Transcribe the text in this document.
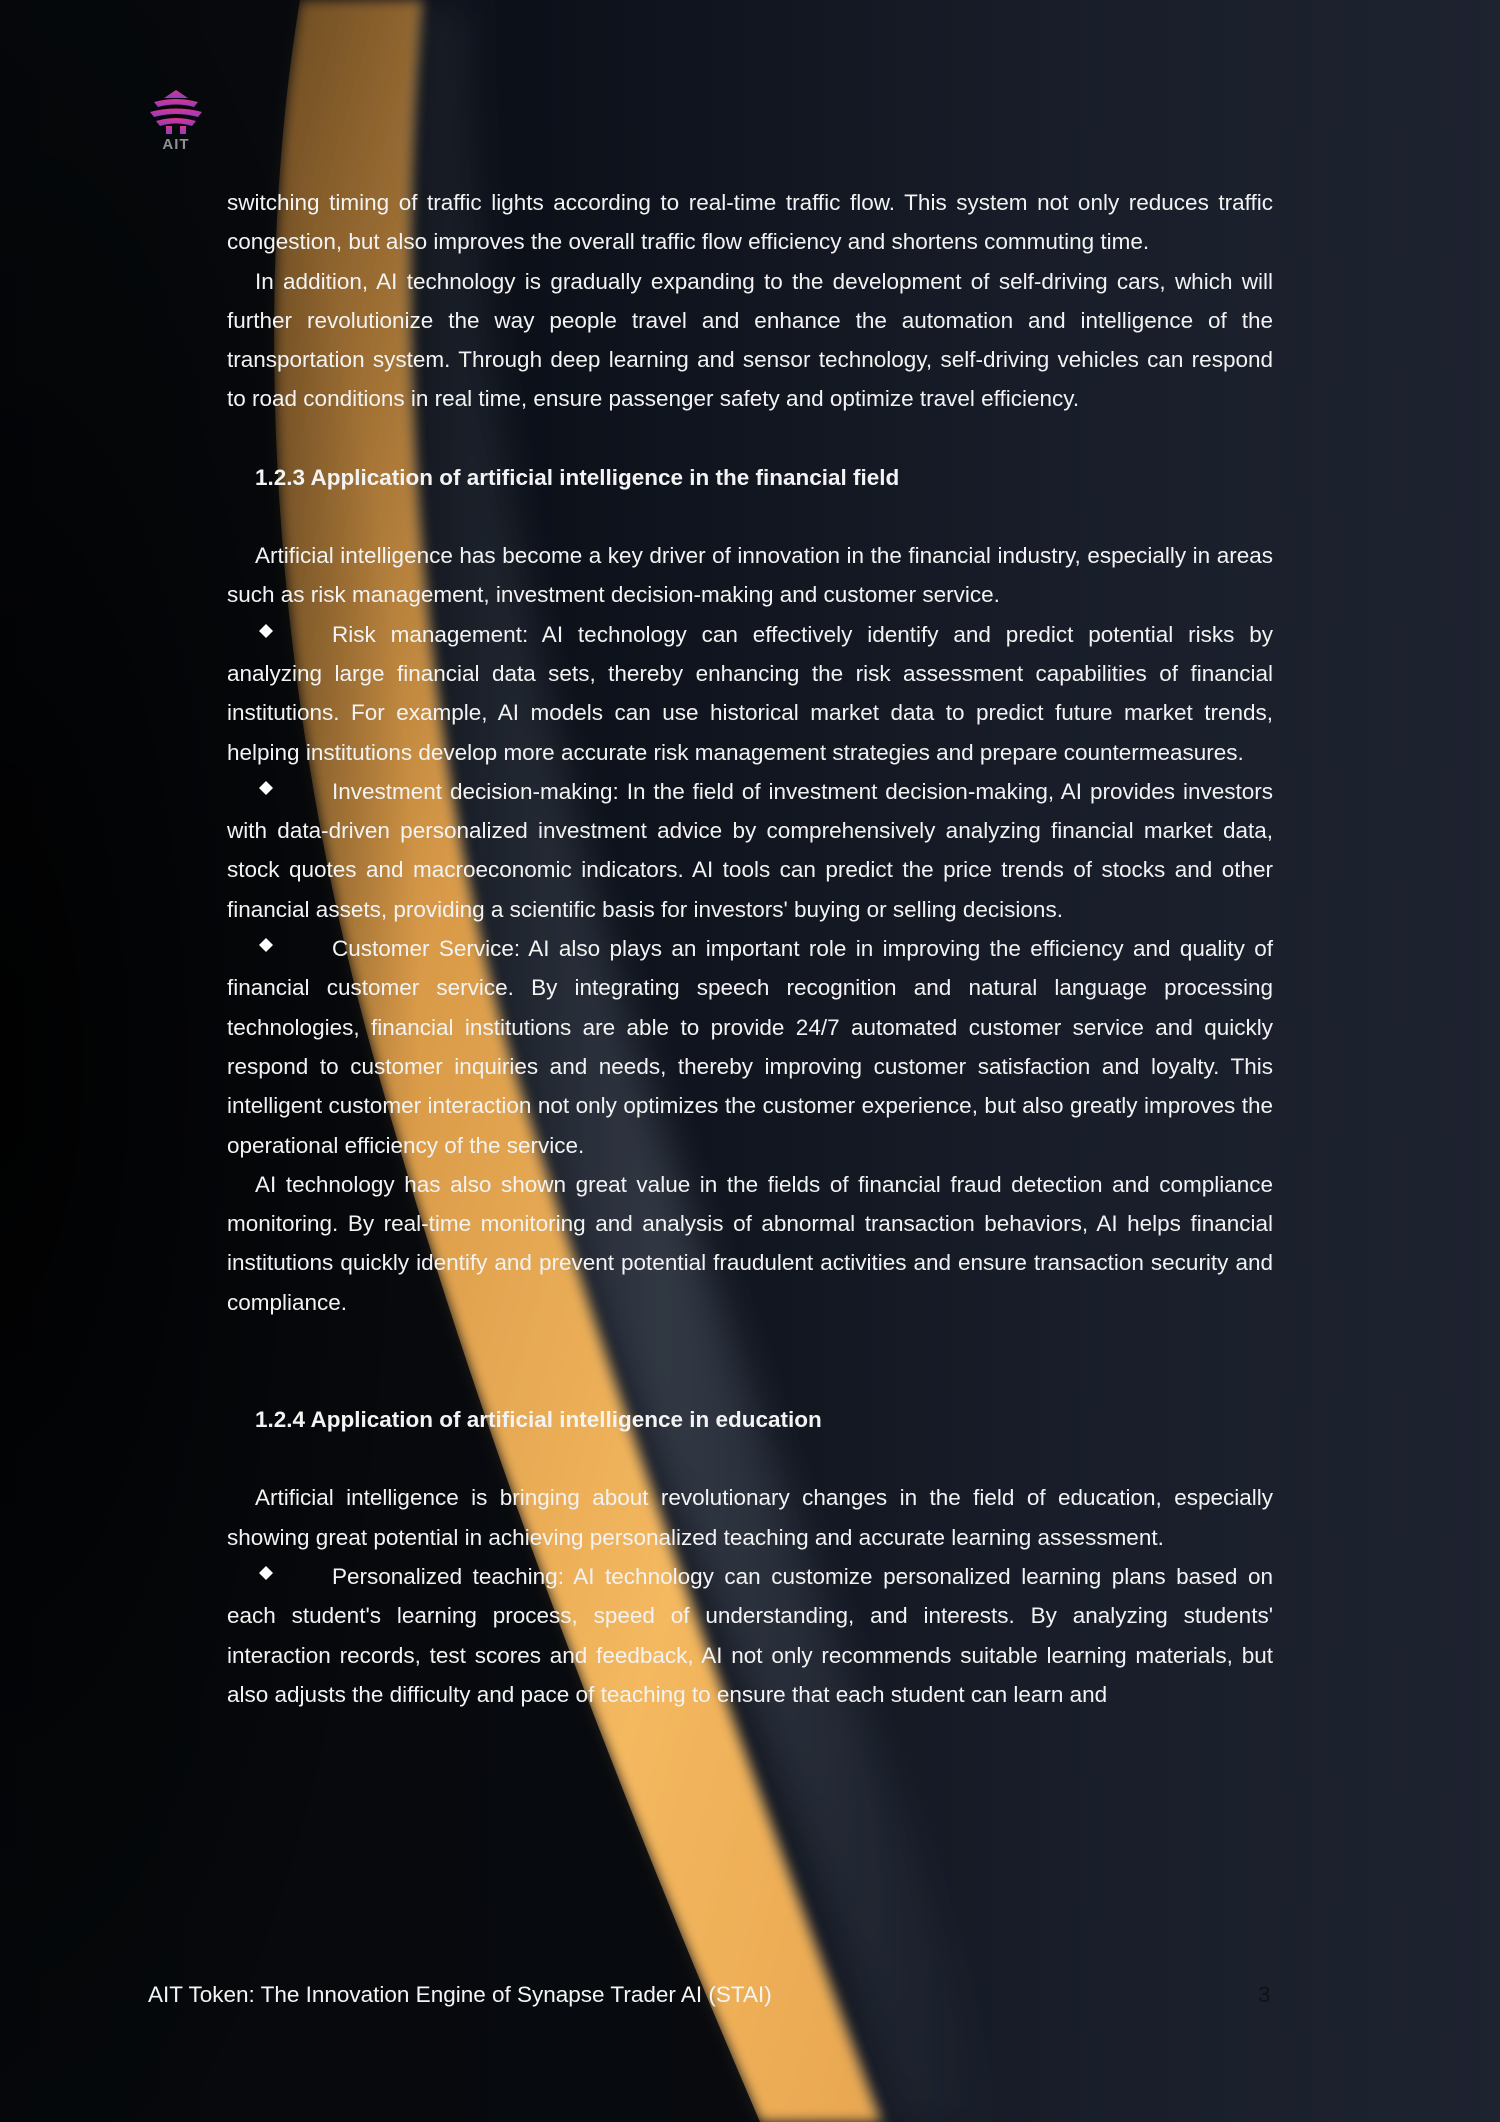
AIT

switching timing of traffic lights according to real-time traffic flow. This system not only reduces traffic congestion, but also improves the overall traffic flow efficiency and shortens commuting time.

In addition, AI technology is gradually expanding to the development of self-driving cars, which will further revolutionize the way people travel and enhance the automation and intelligence of the transportation system. Through deep learning and sensor technology, self-driving vehicles can respond to road conditions in real time, ensure passenger safety and optimize travel efficiency.

1.2.3 Application of artificial intelligence in the financial field

Artificial intelligence has become a key driver of innovation in the financial industry, especially in areas such as risk management, investment decision-making and customer service.

Risk management: AI technology can effectively identify and predict potential risks by analyzing large financial data sets, thereby enhancing the risk assessment capabilities of financial institutions. For example, AI models can use historical market data to predict future market trends, helping institutions develop more accurate risk management strategies and prepare countermeasures.

Investment decision-making: In the field of investment decision-making, AI provides investors with data-driven personalized investment advice by comprehensively analyzing financial market data, stock quotes and macroeconomic indicators. AI tools can predict the price trends of stocks and other financial assets, providing a scientific basis for investors' buying or selling decisions.

Customer Service: AI also plays an important role in improving the efficiency and quality of financial customer service. By integrating speech recognition and natural language processing technologies, financial institutions are able to provide 24/7 automated customer service and quickly respond to customer inquiries and needs, thereby improving customer satisfaction and loyalty. This intelligent customer interaction not only optimizes the customer experience, but also greatly improves the operational efficiency of the service.

AI technology has also shown great value in the fields of financial fraud detection and compliance monitoring. By real-time monitoring and analysis of abnormal transaction behaviors, AI helps financial institutions quickly identify and prevent potential fraudulent activities and ensure transaction security and compliance.

1.2.4 Application of artificial intelligence in education

Artificial intelligence is bringing about revolutionary changes in the field of education, especially showing great potential in achieving personalized teaching and accurate learning assessment.

Personalized teaching: AI technology can customize personalized learning plans based on each student's learning process, speed of understanding, and interests. By analyzing students' interaction records, test scores and feedback, AI not only recommends suitable learning materials, but also adjusts the difficulty and pace of teaching to ensure that each student can learn and

AIT Token: The Innovation Engine of Synapse Trader AI (STAI)	3
